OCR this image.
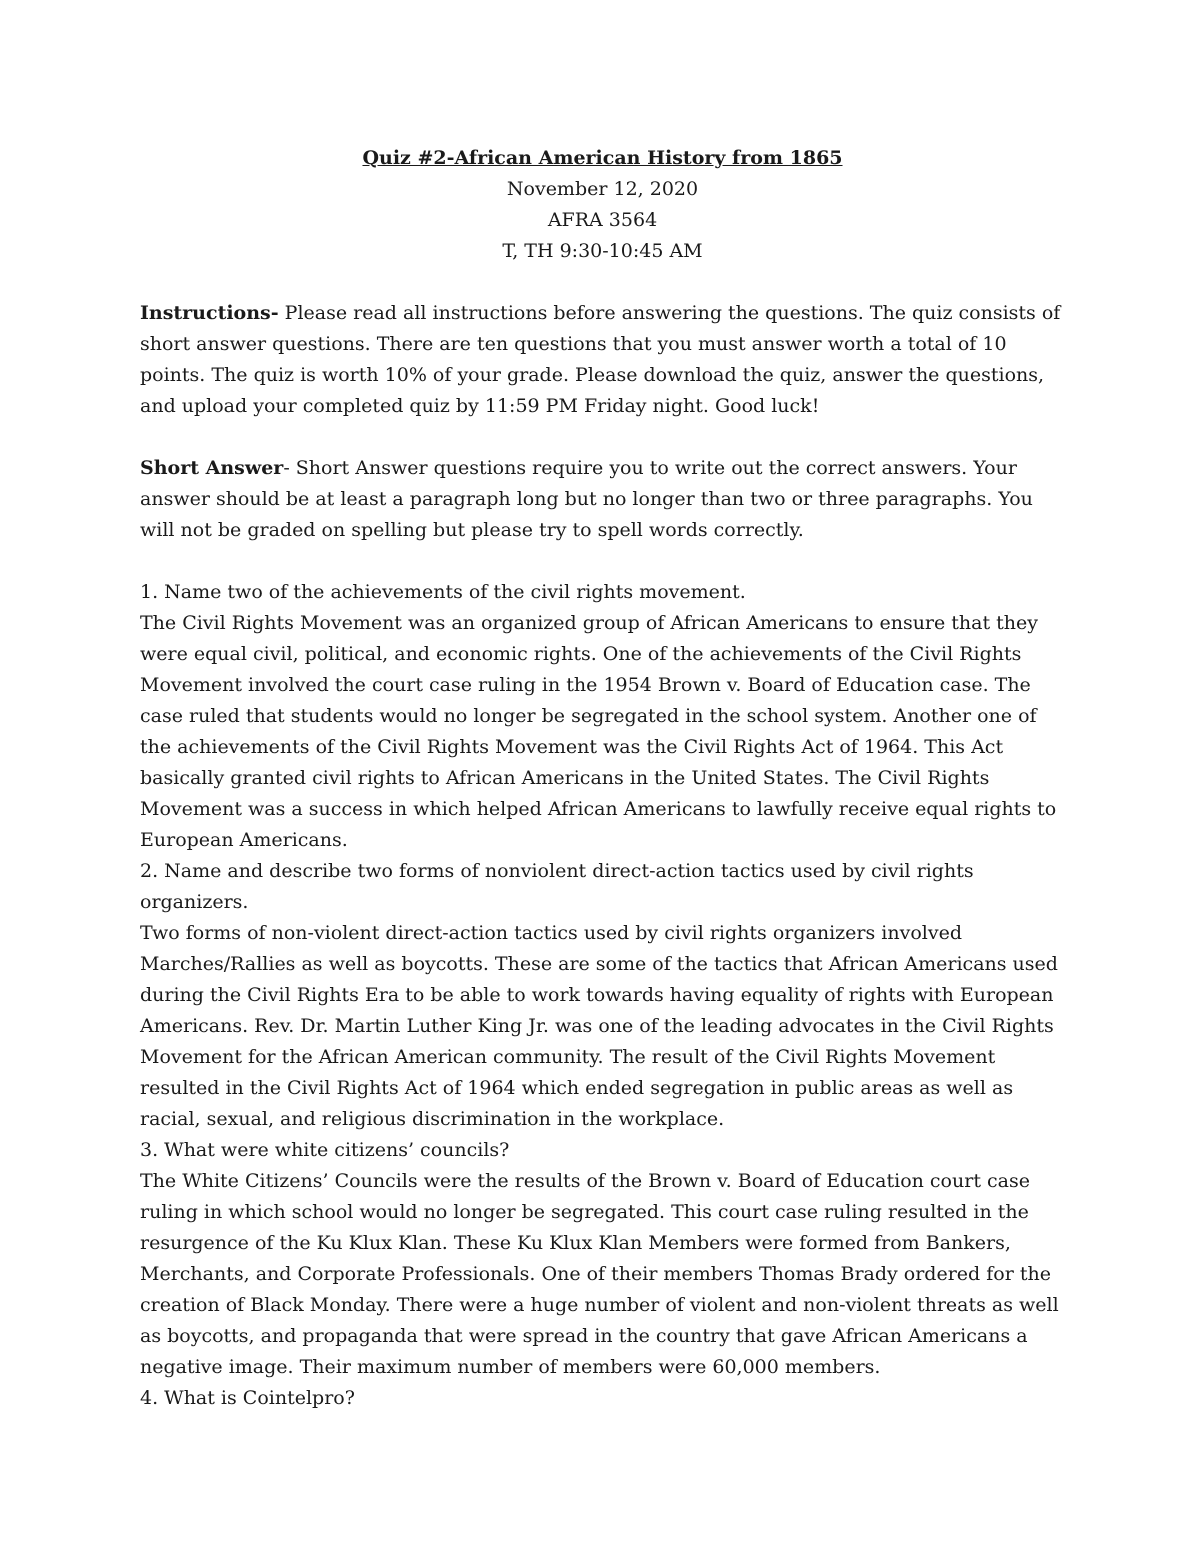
Quiz #2-African American History from 1865
November 12, 2020
AFRA 3564
T, TH 9:30-10:45 AM

Instructions- Please read all instructions before answering the questions. The quiz consists of short answer questions. There are ten questions that you must answer worth a total of 10 points. The quiz is worth 10% of your grade. Please download the quiz, answer the questions, and upload your completed quiz by 11:59 PM Friday night. Good luck!

Short Answer- Short Answer questions require you to write out the correct answers. Your answer should be at least a paragraph long but no longer than two or three paragraphs. You will not be graded on spelling but please try to spell words correctly.

1. Name two of the achievements of the civil rights movement.
The Civil Rights Movement was an organized group of African Americans to ensure that they were equal civil, political, and economic rights. One of the achievements of the Civil Rights Movement involved the court case ruling in the 1954 Brown v. Board of Education case. The case ruled that students would no longer be segregated in the school system. Another one of the achievements of the Civil Rights Movement was the Civil Rights Act of 1964. This Act basically granted civil rights to African Americans in the United States. The Civil Rights Movement was a success in which helped African Americans to lawfully receive equal rights to European Americans.
2. Name and describe two forms of nonviolent direct-action tactics used by civil rights organizers.
Two forms of non-violent direct-action tactics used by civil rights organizers involved Marches/Rallies as well as boycotts. These are some of the tactics that African Americans used during the Civil Rights Era to be able to work towards having equality of rights with European Americans. Rev. Dr. Martin Luther King Jr. was one of the leading advocates in the Civil Rights Movement for the African American community. The result of the Civil Rights Movement resulted in the Civil Rights Act of 1964 which ended segregation in public areas as well as racial, sexual, and religious discrimination in the workplace.
3. What were white citizens’ councils?
The White Citizens’ Councils were the results of the Brown v. Board of Education court case ruling in which school would no longer be segregated. This court case ruling resulted in the resurgence of the Ku Klux Klan. These Ku Klux Klan Members were formed from Bankers, Merchants, and Corporate Professionals. One of their members Thomas Brady ordered for the creation of Black Monday. There were a huge number of violent and non-violent threats as well as boycotts, and propaganda that were spread in the country that gave African Americans a negative image. Their maximum number of members were 60,000 members.
4. What is Cointelpro?
